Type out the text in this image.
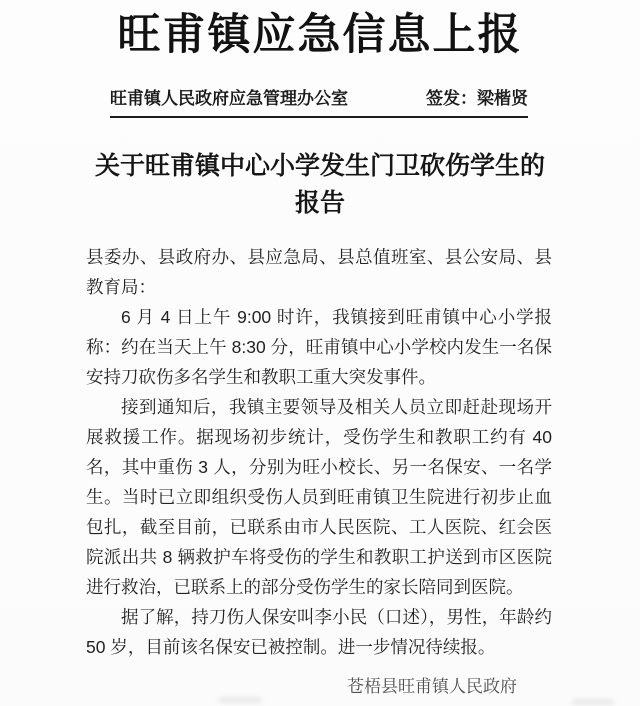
旺甫镇应急信息上报
旺甫镇人民政府应急管理办公室	签发：梁楷贤
关于旺甫镇中心小学发生门卫砍伤学生的
报告

县委办、县政府办、县应急局、县总值班室、县公安局、县教育局：

6 月 4 日上午 9:00 时许，我镇接到旺甫镇中心小学报称：约在当天上午 8:30 分，旺甫镇中心小学校内发生一名保安持刀砍伤多名学生和教职工重大突发事件。

接到通知后，我镇主要领导及相关人员立即赶赴现场开展救援工作。据现场初步统计，受伤学生和教职工约有 40 名，其中重伤 3 人，分别为旺小校长、另一名保安、一名学生。当时已立即组织受伤人员到旺甫镇卫生院进行初步止血包扎，截至目前，已联系由市人民医院、工人医院、红会医院派出共 8 辆救护车将受伤的学生和教职工护送到市区医院进行救治，已联系上的部分受伤学生的家长陪同到医院。

据了解，持刀伤人保安叫李小民（口述），男性，年龄约 50 岁，目前该名保安已被控制。进一步情况待续报。

苍梧县旺甫镇人民政府
